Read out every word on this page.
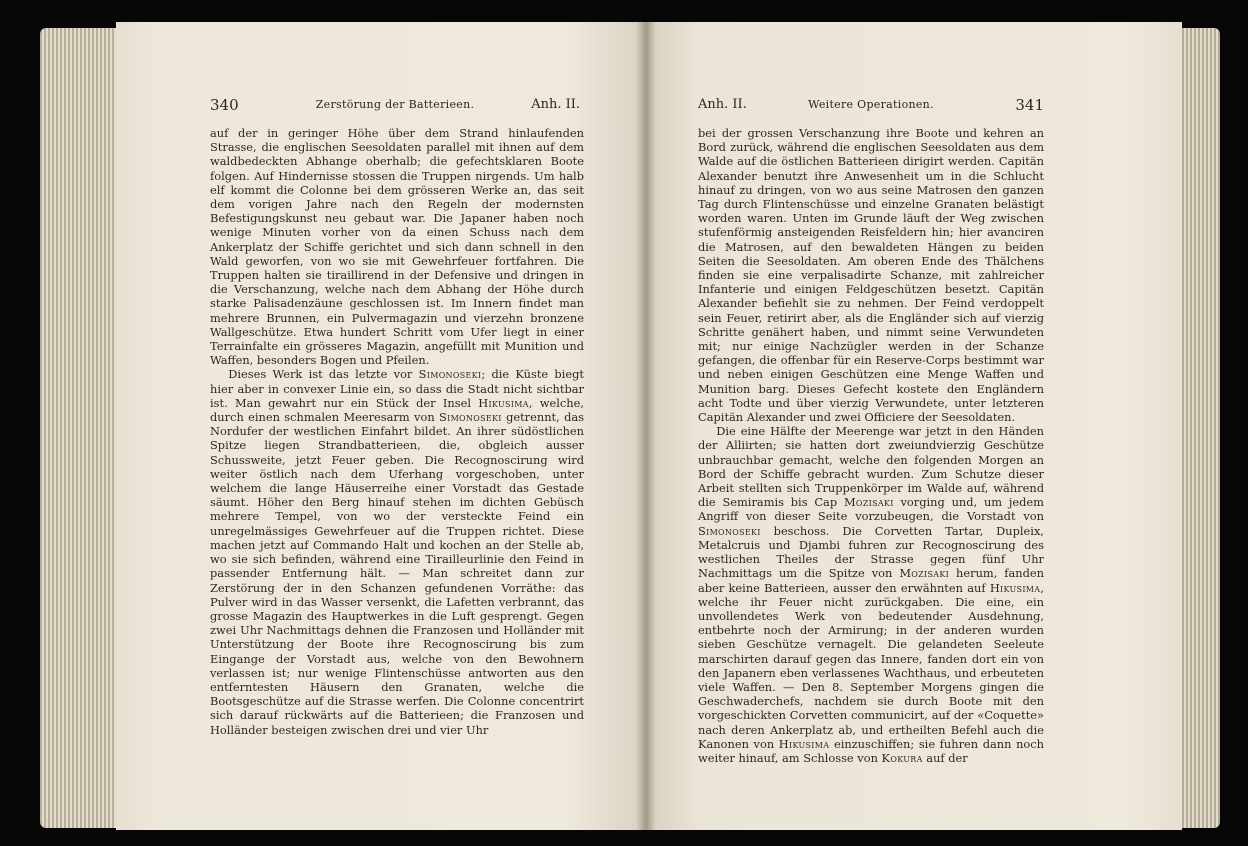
340	Zerstörung der Batterieen.	Anh. II.

auf der in geringer Höhe über dem Strand hinlaufenden Strasse, die englischen Seesoldaten parallel mit ihnen auf dem waldbedeckten Abhange oberhalb; die gefechtsklaren Boote folgen. Auf Hindernisse stossen die Truppen nirgends. Um halb elf kommt die Colonne bei dem grösseren Werke an, das seit dem vorigen Jahre nach den Regeln der modernsten Befestigungskunst neu gebaut war. Die Japaner haben noch wenige Minuten vorher von da einen Schuss nach dem Ankerplatz der Schiffe gerichtet und sich dann schnell in den Wald geworfen, von wo sie mit Gewehrfeuer fortfahren. Die Truppen halten sie tiraillirend in der Defensive und dringen in die Verschanzung, welche nach dem Abhang der Höhe durch starke Palisadenzäune geschlossen ist. Im Innern findet man mehrere Brunnen, ein Pulvermagazin und vierzehn bronzene Wallgeschütze. Etwa hundert Schritt vom Ufer liegt in einer Terrainfalte ein grösseres Magazin, angefüllt mit Munition und Waffen, besonders Bogen und Pfeilen.

Dieses Werk ist das letzte vor Simonoseki; die Küste biegt hier aber in convexer Linie ein, so dass die Stadt nicht sichtbar ist. Man gewahrt nur ein Stück der Insel Hikusima, welche, durch einen schmalen Meeresarm von Simonoseki getrennt, das Nordufer der westlichen Einfahrt bildet. An ihrer südöstlichen Spitze liegen Strandbatterieen, die, obgleich ausser Schussweite, jetzt Feuer geben. Die Recognoscirung wird weiter östlich nach dem Uferhang vorgeschoben, unter welchem die lange Häuserreihe einer Vorstadt das Gestade säumt. Höher den Berg hinauf stehen im dichten Gebüsch mehrere Tempel, von wo der versteckte Feind ein unregelmässiges Gewehrfeuer auf die Truppen richtet. Diese machen jetzt auf Commando Halt und kochen an der Stelle ab, wo sie sich befinden, während eine Tirailleurlinie den Feind in passender Entfernung hält. — Man schreitet dann zur Zerstörung der in den Schanzen gefundenen Vorräthe: das Pulver wird in das Wasser versenkt, die Lafetten verbrannt, das grosse Magazin des Hauptwerkes in die Luft gesprengt. Gegen zwei Uhr Nachmittags dehnen die Franzosen und Holländer mit Unterstützung der Boote ihre Recognoscirung bis zum Eingange der Vorstadt aus, welche von den Bewohnern verlassen ist; nur wenige Flintenschüsse antworten aus den entferntesten Häusern den Granaten, welche die Bootsgeschütze auf die Strasse werfen. Die Colonne concentrirt sich darauf rückwärts auf die Batterieen; die Franzosen und Holländer besteigen zwischen drei und vier Uhr

Anh. II.	Weitere Operationen.	341

bei der grossen Verschanzung ihre Boote und kehren an Bord zurück, während die englischen Seesoldaten aus dem Walde auf die östlichen Batterieen dirigirt werden. Capitän Alexander benutzt ihre Anwesenheit um in die Schlucht hinauf zu dringen, von wo aus seine Matrosen den ganzen Tag durch Flintenschüsse und einzelne Granaten belästigt worden waren. Unten im Grunde läuft der Weg zwischen stufenförmig ansteigenden Reisfeldern hin; hier avanciren die Matrosen, auf den bewaldeten Hängen zu beiden Seiten die Seesoldaten. Am oberen Ende des Thälchens finden sie eine verpalisadirte Schanze, mit zahlreicher Infanterie und einigen Feldgeschützen besetzt. Capitän Alexander befiehlt sie zu nehmen. Der Feind verdoppelt sein Feuer, retirirt aber, als die Engländer sich auf vierzig Schritte genähert haben, und nimmt seine Verwundeten mit; nur einige Nachzügler werden in der Schanze gefangen, die offenbar für ein Reserve-Corps bestimmt war und neben einigen Geschützen eine Menge Waffen und Munition barg. Dieses Gefecht kostete den Engländern acht Todte und über vierzig Verwundete, unter letzteren Capitän Alexander und zwei Officiere der Seesoldaten.

Die eine Hälfte der Meerenge war jetzt in den Händen der Alliirten; sie hatten dort zweiundvierzig Geschütze unbrauchbar gemacht, welche den folgenden Morgen an Bord der Schiffe gebracht wurden. Zum Schutze dieser Arbeit stellten sich Truppenkörper im Walde auf, während die Semiramis bis Cap Mozisaki vorging und, um jedem Angriff von dieser Seite vorzubeugen, die Vorstadt von Simonoseki beschoss. Die Corvetten Tartar, Dupleix, Metalcruis und Djambi fuhren zur Recognoscirung des westlichen Theiles der Strasse gegen fünf Uhr Nachmittags um die Spitze von Mozisaki herum, fanden aber keine Batterieen, ausser den erwähnten auf Hikusima, welche ihr Feuer nicht zurückgaben. Die eine, ein unvollendetes Werk von bedeutender Ausdehnung, entbehrte noch der Armirung; in der anderen wurden sieben Geschütze vernagelt. Die gelandeten Seeleute marschirten darauf gegen das Innere, fanden dort ein von den Japanern eben verlassenes Wachthaus, und erbeuteten viele Waffen. — Den 8. September Morgens gingen die Geschwaderchefs, nachdem sie durch Boote mit den vorgeschickten Corvetten communicirt, auf der «Coquette» nach deren Ankerplatz ab, und ertheilten Befehl auch die Kanonen von Hikusima einzuschiffen; sie fuhren dann noch weiter hinauf, am Schlosse von Kokura auf der
